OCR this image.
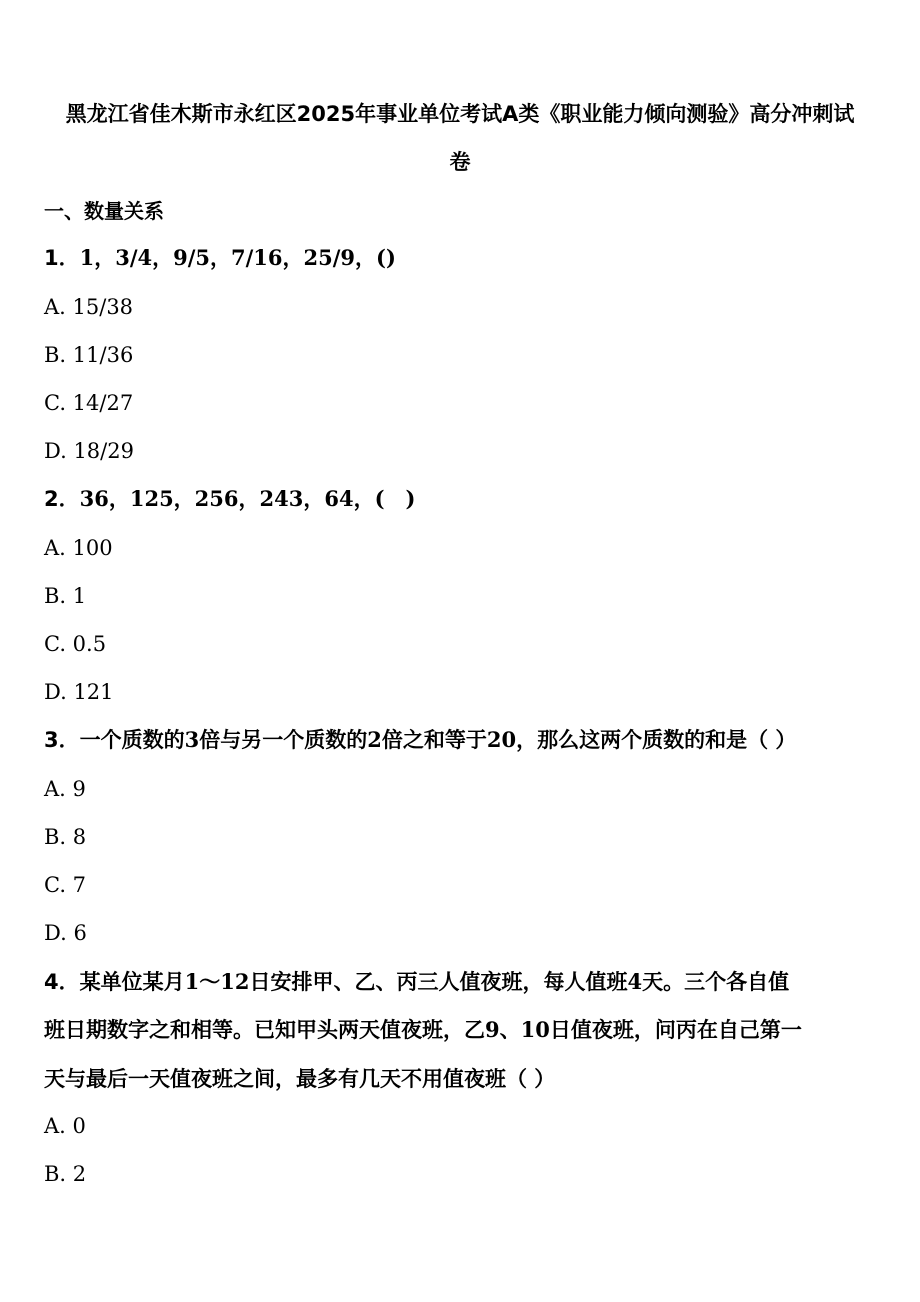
黑龙江省佳木斯市永红区2025年事业单位考试A类《职业能力倾向测验》高分冲刺试
卷
一、数量关系
1．1，3/4，9/5，7/16，25/9，()
A. 15/38
B. 11/36
C. 14/27
D. 18/29
2．36，125，256，243，64，(　)
A. 100
B. 1
C. 0.5
D. 121
3．一个质数的3倍与另一个质数的2倍之和等于20，那么这两个质数的和是（ ）
A. 9
B. 8
C. 7
D. 6
4．某单位某月1～12日安排甲、乙、丙三人值夜班，每人值班4天。三个各自值
班日期数字之和相等。已知甲头两天值夜班，乙9、10日值夜班，问丙在自己第一
天与最后一天值夜班之间，最多有几天不用值夜班（ ）
A. 0
B. 2
